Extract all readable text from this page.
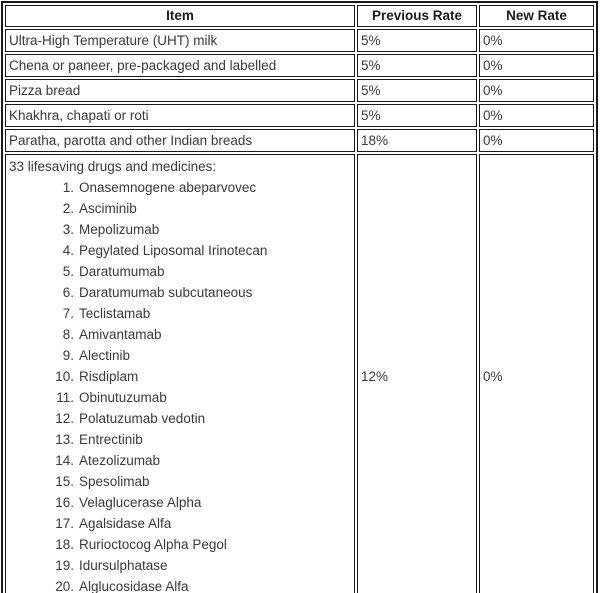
Item	Previous Rate	New Rate
Ultra-High Temperature (UHT) milk	5%	0%
Chena or paneer, pre-packaged and labelled	5%	0%
Pizza bread	5%	0%
Khakhra, chapati or roti	5%	0%
Paratha, parotta and other Indian breads	18%	0%

33 lifesaving drugs and medicines:
1. Onasemnogene abeparvovec
2. Asciminib
3. Mepolizumab
4. Pegylated Liposomal Irinotecan
5. Daratumumab
6. Daratumumab subcutaneous
7. Teclistamab
8. Amivantamab
9. Alectinib
10. Risdiplam
11. Obinutuzumab
12. Polatuzumab vedotin
13. Entrectinib
14. Atezolizumab
15. Spesolimab
16. Velaglucerase Alpha
17. Agalsidase Alfa
18. Rurioctocog Alpha Pegol
19. Idursulphatase
20. Alglucosidase Alfa
	12%	0%
